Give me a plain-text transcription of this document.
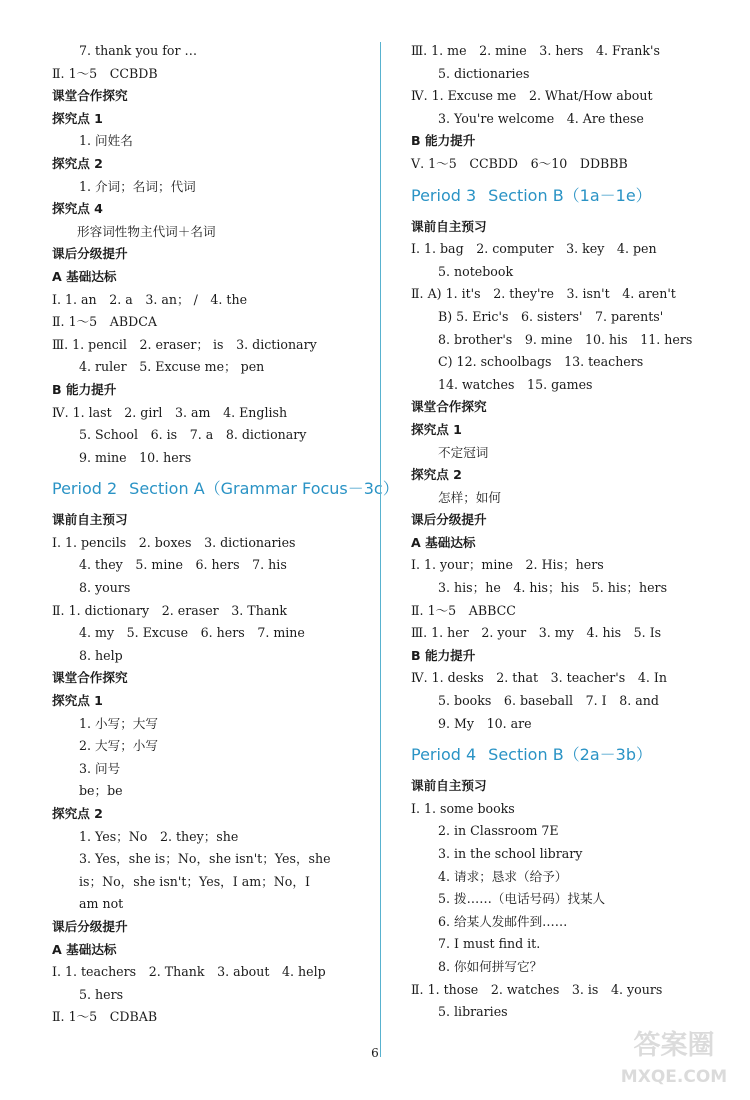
7. thank you for …
Ⅱ. 1～5　CCBDB
课堂合作探究
探究点 1
1. 问姓名
探究点 2
1. 介词；名词；代词
探究点 4
形容词性物主代词＋名词
课后分级提升
A 基础达标
Ⅰ. 1. an　2. a　3. an； /　4. the
Ⅱ. 1～5　ABDCA
Ⅲ. 1. pencil　2. eraser； is　3. dictionary
4. ruler　5. Excuse me； pen
B 能力提升
Ⅳ. 1. last　2. girl　3. am　4. English
5. School　6. is　7. a　8. dictionary
9. mine　10. hers
Period 2 Section A（Grammar Focus－3c）
课前自主预习
Ⅰ. 1. pencils　2. boxes　3. dictionaries
4. they　5. mine　6. hers　7. his
8. yours
Ⅱ. 1. dictionary　2. eraser　3. Thank
4. my　5. Excuse　6. hers　7. mine
8. help
课堂合作探究
探究点 1
1. 小写；大写
2. 大写；小写
3. 问号
be；be
探究点 2
1. Yes；No　2. they；she
3. Yes，she is；No，she isn't；Yes，she
is；No，she isn't；Yes，I am；No，I
am not
课后分级提升
A 基础达标
Ⅰ. 1. teachers　2. Thank　3. about　4. help
5. hers
Ⅱ. 1～5　CDBAB
Ⅲ. 1. me　2. mine　3. hers　4. Frank's
5. dictionaries
Ⅳ. 1. Excuse me　2. What/How about
3. You're welcome　4. Are these
B 能力提升
Ⅴ. 1～5　CCBDD　6～10　DDBBB
Period 3 Section B（1a－1e）
课前自主预习
Ⅰ. 1. bag　2. computer　3. key　4. pen
5. notebook
Ⅱ. A) 1. it's　2. they're　3. isn't　4. aren't
B) 5. Eric's　6. sisters'　7. parents'
8. brother's　9. mine　10. his　11. hers
C) 12. schoolbags　13. teachers
14. watches　15. games
课堂合作探究
探究点 1
不定冠词
探究点 2
怎样；如何
课后分级提升
A 基础达标
Ⅰ. 1. your；mine　2. His；hers
3. his；he　4. his；his　5. his；hers
Ⅱ. 1～5　ABBCC
Ⅲ. 1. her　2. your　3. my　4. his　5. Is
B 能力提升
Ⅳ. 1. desks　2. that　3. teacher's　4. In
5. books　6. baseball　7. I　8. and
9. My　10. are
Period 4 Section B（2a－3b）
课前自主预习
Ⅰ. 1. some books
2. in Classroom 7E
3. in the school library
4. 请求；恳求（给予）
5. 拨……（电话号码）找某人
6. 给某人发邮件到……
7. I must find it.
8. 你如何拼写它？
Ⅱ. 1. those　2. watches　3. is　4. yours
5. libraries
6	答案圈
MXQE.COM
